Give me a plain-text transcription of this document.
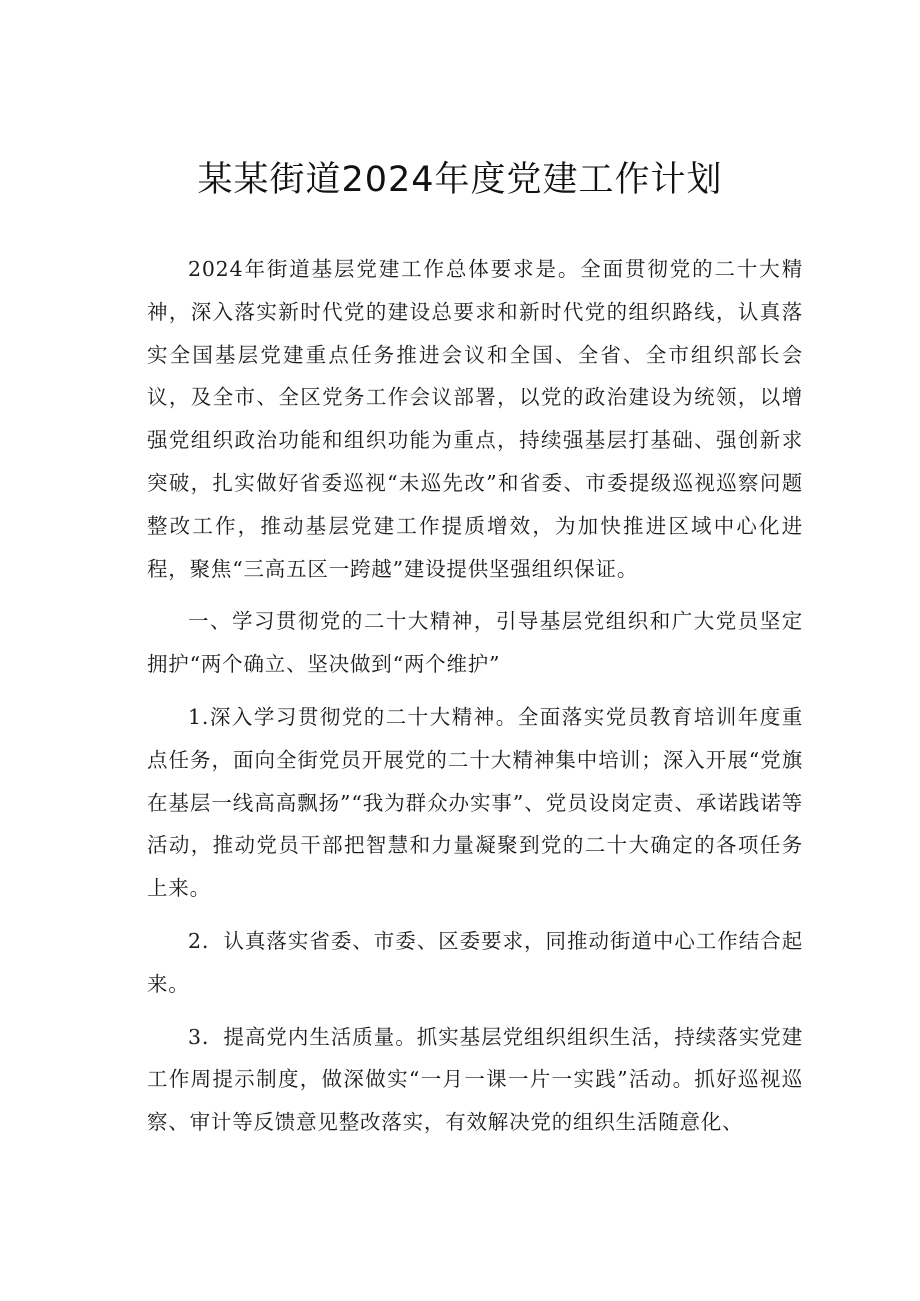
某某街道2024年度党建工作计划

2024年街道基层党建工作总体要求是。全面贯彻党的二十大精神，深入落实新时代党的建设总要求和新时代党的组织路线，认真落实全国基层党建重点任务推进会议和全国、全省、全市组织部长会议，及全市、全区党务工作会议部署，以党的政治建设为统领，以增强党组织政治功能和组织功能为重点，持续强基层打基础、强创新求突破，扎实做好省委巡视“未巡先改”和省委、市委提级巡视巡察问题整改工作，推动基层党建工作提质增效，为加快推进区域中心化进程，聚焦“三高五区一跨越”建设提供坚强组织保证。

一、学习贯彻党的二十大精神，引导基层党组织和广大党员坚定拥护“两个确立、坚决做到“两个维护”

1.深入学习贯彻党的二十大精神。全面落实党员教育培训年度重点任务，面向全街党员开展党的二十大精神集中培训；深入开展“党旗在基层一线高高飘扬”“我为群众办实事”、党员设岗定责、承诺践诺等活动，推动党员干部把智慧和力量凝聚到党的二十大确定的各项任务上来。

2．认真落实省委、市委、区委要求，同推动街道中心工作结合起来。

3．提高党内生活质量。抓实基层党组织组织生活，持续落实党建工作周提示制度，做深做实“一月一课一片一实践”活动。抓好巡视巡察、审计等反馈意见整改落实，有效解决党的组织生活随意化、
